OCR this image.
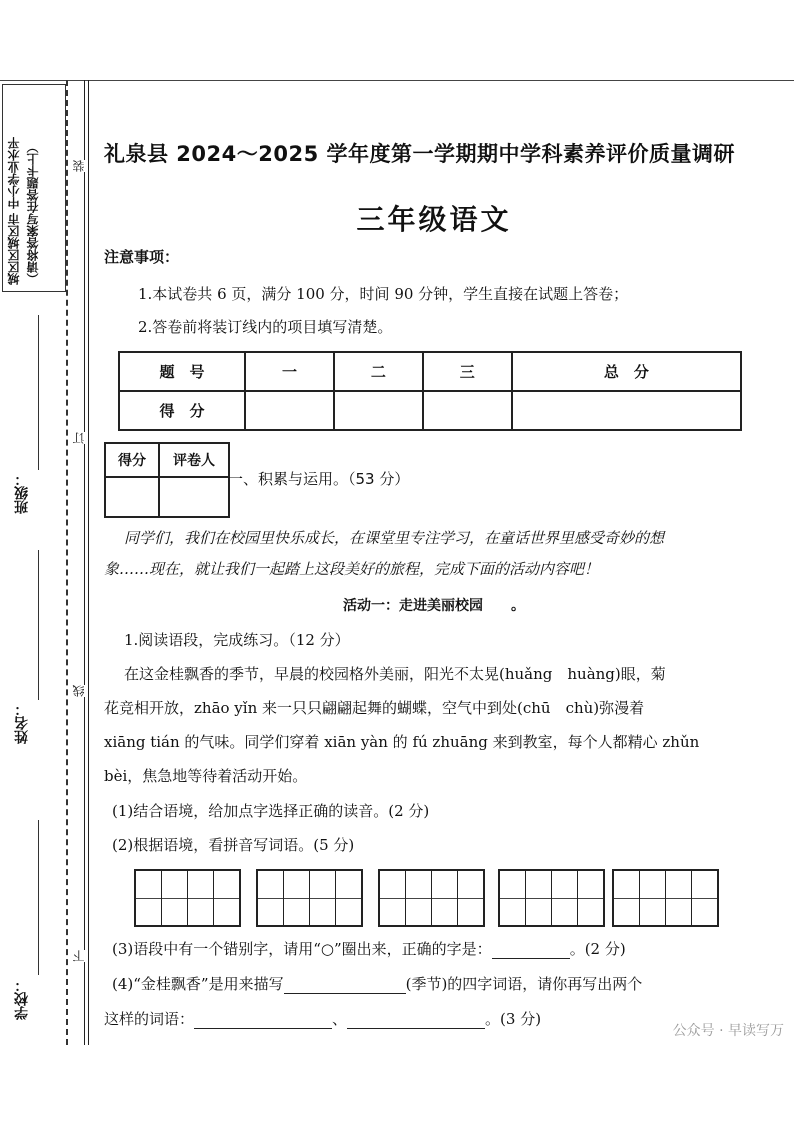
城区区城区市 中小学业水平 （请将答案写在答题卡上）
班级：
姓名：
学校：
装
订
线
下
礼泉县 2024～2025 学年度第一学期期中学科素养评价质量调研
三年级语文
注意事项：
1.本试卷共 6 页，满分 100 分，时间 90 分钟，学生直接在试题上答卷；
2.答卷前将装订线内的项目填写清楚。
题　号	一	二	三	总　分
得　分				
得分	评卷人

一、积累与运用。（53 分）
同学们，我们在校园里快乐成长，在课堂里专注学习，在童话世界里感受奇妙的想
象……现在，就让我们一起踏上这段美好的旅程，完成下面的活动内容吧！
活动一：走进美丽校园　　。
1.阅读语段，完成练习。（12 分）
在这金桂飘香的季节，早晨的校园格外美丽，阳光不太晃(huǎng　huàng)眼，菊
花竞相开放，zhāo yǐn 来一只只翩翩起舞的蝴蝶，空气中到处(chū　chù)弥漫着
xiāng tián 的气味。同学们穿着 xiān yàn 的 fú zhuāng 来到教室，每个人都精心 zhǔn
bèi，焦急地等待着活动开始。
(1)结合语境，给加点字选择正确的读音。(2 分)
(2)根据语境，看拼音写词语。(5 分)
(3)语段中有一个错别字，请用“○”圈出来，正确的字是：	。(2 分)
(4)“金桂飘香”是用来描写	(季节)的四字词语，请你再写出两个
这样的词语：	、	。(3 分)
公众号 · 早读写万
